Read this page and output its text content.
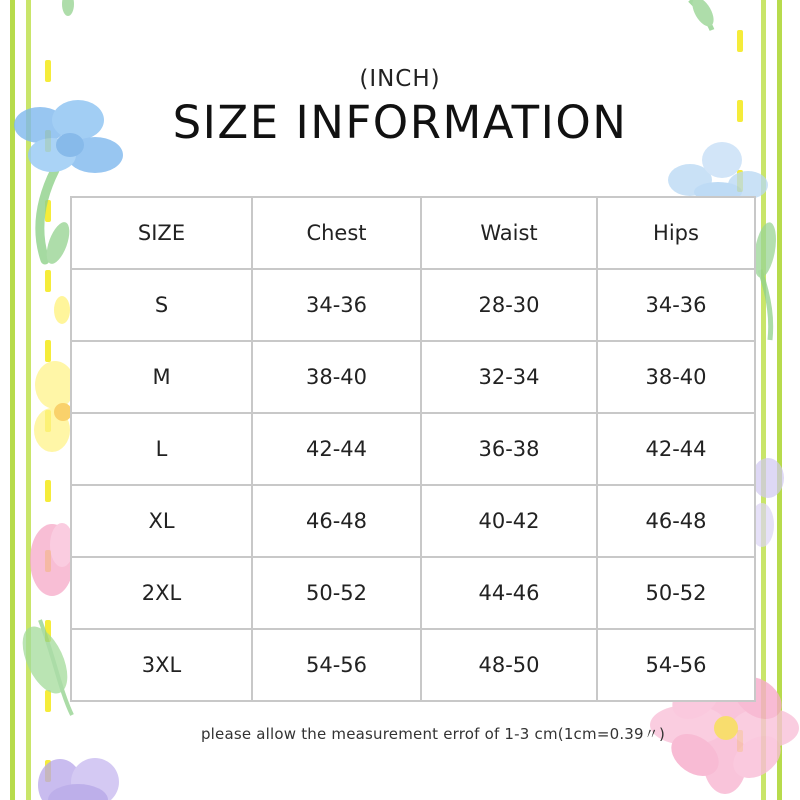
(INCH)
SIZE INFORMATION
SIZE	Chest	Waist	Hips
S	34-36	28-30	34-36
M	38-40	32-34	38-40
L	42-44	36-38	42-44
XL	46-48	40-42	46-48
2XL	50-52	44-46	50-52
3XL	54-56	48-50	54-56
please allow the measurement errof of 1-3 cm(1cm=0.39〃)
